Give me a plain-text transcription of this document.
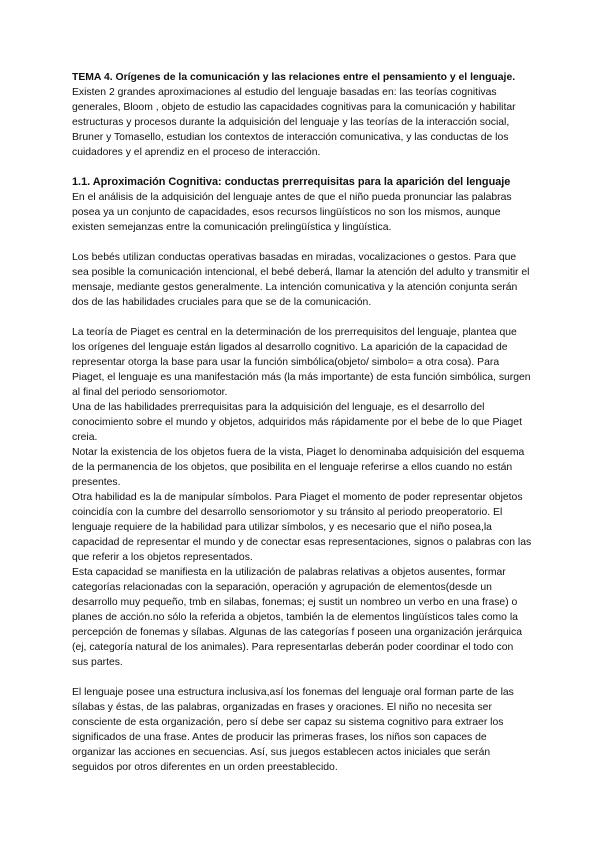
TEMA 4. Orígenes de la comunicación y las relaciones entre el pensamiento y el lenguaje.

Existen 2 grandes aproximaciones al estudio del lenguaje basadas en: las teorías cognitivas generales, Bloom , objeto de estudio las capacidades cognitivas para la comunicación y habilitar estructuras y procesos durante la adquisición del lenguaje y las teorías de la interacción social, Bruner y Tomasello, estudian los contextos de interacción comunicativa, y las conductas de los cuidadores y el aprendiz en el proceso de interacción.

1.1. Aproximación Cognitiva: conductas prerrequisitas para la aparición del lenguaje

En el análisis de la adquisición del lenguaje antes de que el niño pueda pronunciar las palabras posea ya un conjunto de capacidades, esos recursos lingüísticos no son los mismos, aunque existen semejanzas entre la comunicación prelingüística y lingüística.

Los bebés utilizan conductas operativas basadas en miradas, vocalizaciones o gestos. Para que sea posible la comunicación intencional, el bebé deberá, llamar la atención del adulto y transmitir el mensaje, mediante gestos generalmente. La intención comunicativa y la atención conjunta serán dos de las habilidades cruciales para que se de la comunicación.

La teoría de Piaget es central en la determinación de los prerrequisitos del lenguaje, plantea que los orígenes del lenguaje están ligados al desarrollo cognitivo. La aparición de la capacidad de representar otorga la base para usar la función simbólica(objeto/ simbolo= a otra cosa). Para Piaget, el lenguaje es una manifestación más (la más importante) de esta función simbólica, surgen al final del periodo sensoriomotor.

Una de las habilidades prerrequisitas para la adquisición del lenguaje, es el desarrollo del conocimiento sobre el mundo y objetos, adquiridos más rápidamente por el bebe de lo que Piaget creia.

Notar la existencia de los objetos fuera de la vista, Piaget lo denominaba adquisición del esquema de la permanencia de los objetos, que posibilita en el lenguaje referirse a ellos cuando no están presentes.

Otra habilidad es la de manipular símbolos. Para Piaget el momento de poder representar objetos coincidía con la cumbre del desarrollo sensoriomotor y su tránsito al periodo preoperatorio. El lenguaje requiere de la habilidad para utilizar símbolos, y es necesario que el niño posea,la capacidad de representar el mundo y de conectar esas representaciones, signos o palabras con las que referir a los objetos representados.

Esta capacidad se manifiesta en la utilización de palabras relativas a objetos ausentes, formar categorías relacionadas con la separación, operación y agrupación de elementos(desde un desarrollo muy pequeño, tmb en silabas, fonemas; ej sustit un nombreo un verbo en una frase) o planes de acción.no sólo la referida a objetos, también la de elementos lingüísticos tales como la percepción de fonemas y sílabas. Algunas de las categorías f poseen una organización jerárquica (ej, categoría natural de los animales). Para representarlas deberán poder coordinar el todo con sus partes.

El lenguaje posee una estructura inclusiva,así los fonemas del lenguaje oral forman parte de las sílabas y éstas, de las palabras, organizadas en frases y oraciones. El niño no necesita ser consciente de esta organización, pero sí debe ser capaz su sistema cognitivo para extraer los significados de una frase. Antes de producir las primeras frases, los niños son capaces de organizar las acciones en secuencias. Así, sus juegos establecen actos iniciales que serán seguidos por otros diferentes en un orden preestablecido.
